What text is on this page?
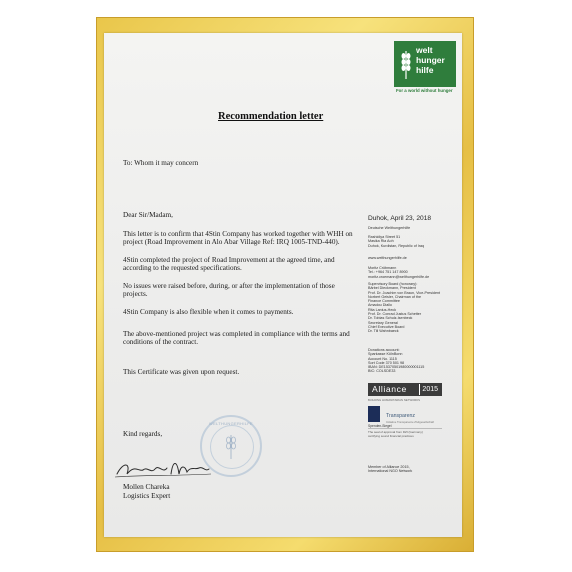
welt
hunger
hilfe
For a world without hunger
Recommendation letter
To: Whom it may concern
Dear Sir/Madam,
This letter is to confirm that 4Stin Company has worked together with WHH on project (Road Improvement in Alo Abar Village Ref: IRQ 1005-TND-440).
4Stin completed the project of Road Improvement at the agreed time, and according to the requested specifications.
No issues were raised before, during, or after the implementation of those projects.
4Stin Company is also flexible when it comes to payments.
The above-mentioned project was completed in compliance with the terms and conditions of the contract.
This Certificate was given upon request.
Kind regards,
WELTHUNGERHILFE
Mollen Chareka
Logistics Expert
Duhok, April 23, 2018
Deutsche Welthungerhilfe
Rashidiya Street 51
Masika Ria Aoh
Duhok, Kurdistan, Republic of Iraq
www.welthungerhilfe.de
Moritz Cröbmann
Tel.: +964 751 147 8900
moritz.croemann@welthungerhilfe.de
Supervisory Board (honorary):
Bärbel Dieckmann, President
Prof. Dr. Joachim von Braun, Vice-President
Norbert Geisler, Chairman of the
Finance Committee
Amadou Diallo
Rita Lanius-Heck
Prof. Dr. Conrad Justus Schetter
Dr. Tobias Schulz-Isenbeck
Secretary General
Chief Executive Board
Dr. Till Wahnbaeck
Donations account:
Sparkasse KölnBonn
Account No. 1115
Sort Code 370 501 98
IBAN: DE15370501980000001115
BIC: COLSDE33
Alliance	2015
BUILDING HUMANITARIAN NETWORKS
Spenden-Siegel
Transparenz
Initiative Transparente Zivilgesellschaft
The seal of approval from DZI (Germany)
certifying sound financial practices
Member of Alliance 2015,
International NGO Network
